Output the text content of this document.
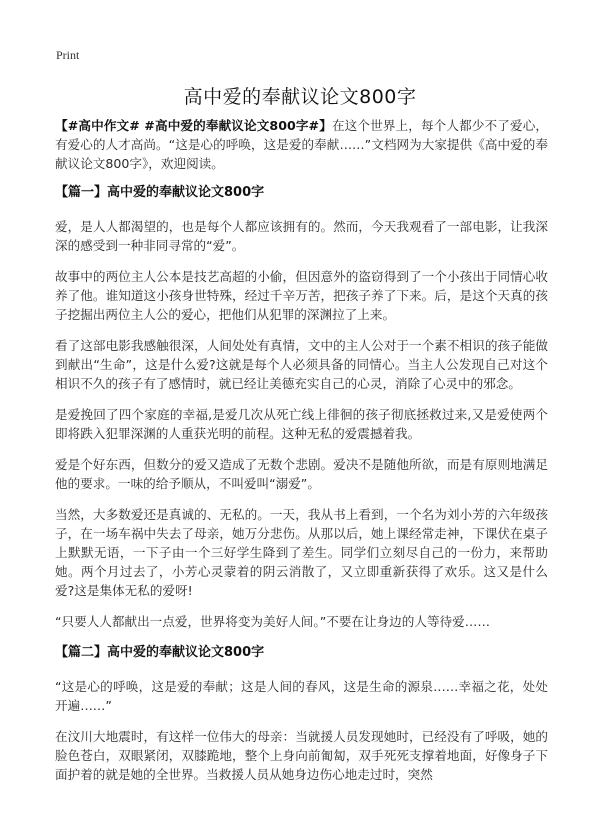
Print
高中爱的奉献议论文800字

【#高中作文# #高中爱的奉献议论文800字#】在这个世界上，每个人都少不了爱心，有爱心的人才高尚。“这是心的呼唤，这是爱的奉献……”文档网为大家提供《高中爱的奉献议论文800字》，欢迎阅读。

【篇一】高中爱的奉献议论文800字

爱，是人人都渴望的，也是每个人都应该拥有的。然而，今天我观看了一部电影，让我深深的感受到一种非同寻常的“爱”。

故事中的两位主人公本是技艺高超的小偷，但因意外的盗窃得到了一个小孩出于同情心收养了他。谁知道这小孩身世特殊，经过千辛万苦，把孩子养了下来。后，是这个天真的孩子挖掘出两位主人公的爱心，把他们从犯罪的深渊拉了上来。

看了这部电影我感触很深，人间处处有真情，文中的主人公对于一个素不相识的孩子能做到献出“生命”，这是什么爱?这就是每个人必须具备的同情心。当主人公发现自己对这个相识不久的孩子有了感情时，就已经让美德充实自己的心灵，消除了心灵中的邪念。

是爱挽回了四个家庭的幸福,是爱几次从死亡线上徘徊的孩子彻底拯救过来,又是爱使两个即将跌入犯罪深渊的人重获光明的前程。这种无私的爱震撼着我。

爱是个好东西，但数分的爱又造成了无数个悲剧。爱决不是随他所欲，而是有原则地满足他的要求。一味的给予顺从，不叫爱叫“溺爱”。

当然，大多数爱还是真诚的、无私的。一天，我从书上看到，一个名为刘小芳的六年级孩子，在一场车祸中失去了母亲，她万分悲伤。从那以后，她上课经常走神，下课伏在桌子上默默无语，一下子由一个三好学生降到了差生。同学们立刻尽自己的一份力，来帮助她。两个月过去了，小芳心灵蒙着的阴云消散了，又立即重新获得了欢乐。这又是什么爱?这是集体无私的爱呀!

“只要人人都献出一点爱，世界将变为美好人间。”不要在让身边的人等待爱……

【篇二】高中爱的奉献议论文800字

“这是心的呼唤，这是爱的奉献；这是人间的春风，这是生命的源泉……幸福之花，处处开遍……”

在汶川大地震时，有这样一位伟大的母亲：当就援人员发现她时，已经没有了呼吸，她的脸色苍白，双眼紧闭，双膝跪地，整个上身向前匍匐，双手死死支撑着地面，好像身子下面护着的就是她的全世界。当救援人员从她身边伤心地走过时，突然
